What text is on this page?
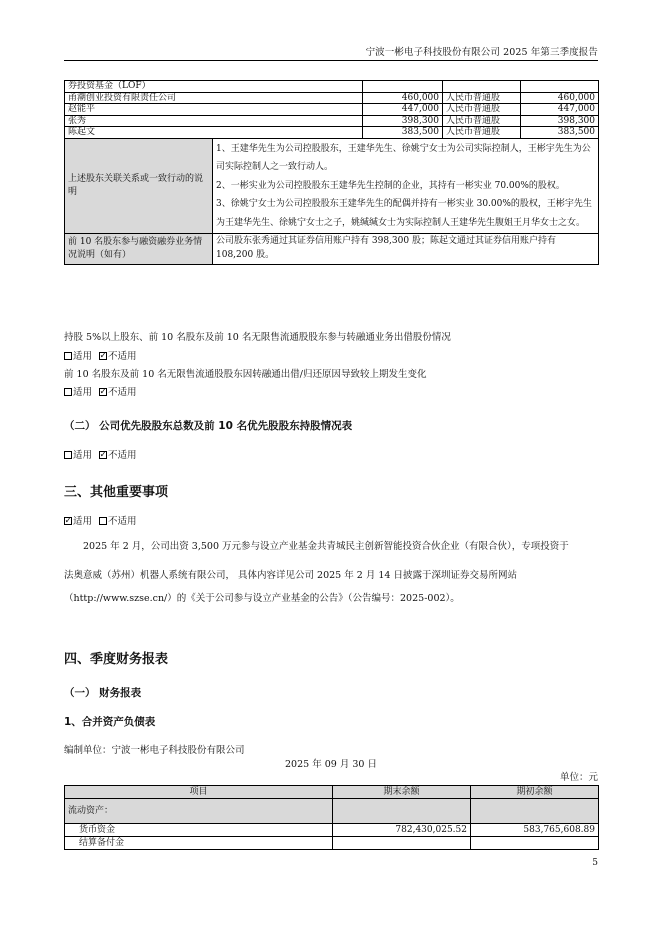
宁波一彬电子科技股份有限公司 2025 年第三季度报告
券投资基金（LOF）				
甬潮创业投资有限责任公司		460,000	人民币普通股	460,000
赵能平		447,000	人民币普通股	447,000
张秀		398,300	人民币普通股	398,300
陈起文		383,500	人民币普通股	383,500
上述股东关联关系或一致行动的说明	1、王建华先生为公司控股股东，王建华先生、徐姚宁女士为公司实际控制人，王彬宇先生为公司实际控制人之一致行动人。
2、一彬实业为公司控股股东王建华先生控制的企业，其持有一彬实业 70.00%的股权。
3、徐姚宁女士为公司控股股东王建华先生的配偶并持有一彬实业 30.00%的股权，王彬宇先生为王建华先生、徐姚宁女士之子，姚缄缄女士为实际控制人王建华先生腹姐王月华女士之女。			

前 10 名股东参与融资融券业务情况说明（如有）	公司股东张秀通过其证券信用账户持有 398,300 股；陈起文通过其证券信用账户持有 108,200 股。			
持股 5%以上股东、前 10 名股东及前 10 名无限售流通股股东参与转融通业务出借股份情况
适用 ✓ 不适用
前 10 名股东及前 10 名无限售流通股股东因转融通出借/归还原因导致较上期发生变化
适用 ✓ 不适用
（二） 公司优先股股东总数及前 10 名优先股股东持股情况表
适用 ✓ 不适用
三、其他重要事项
✓适用 不适用
2025 年 2 月，公司出资 3,500 万元参与设立产业基金共青城民主创新智能投资合伙企业（有限合伙），专项投资于
法奥意威（苏州）机器人系统有限公司， 具体内容详见公司 2025 年 2 月 14 日披露于深圳证券交易所网站
（http://www.szse.cn/）的《关于公司参与设立产业基金的公告》（公告编号：2025-002）。
四、季度财务报表
（一） 财务报表
1、合并资产负债表
编制单位：宁波一彬电子科技股份有限公司
2025 年 09 月 30 日
单位：元
项目	期末余额	期初余额
流动资产：		
货币资金	782,430,025.52	583,765,608.89
结算备付金		
5
